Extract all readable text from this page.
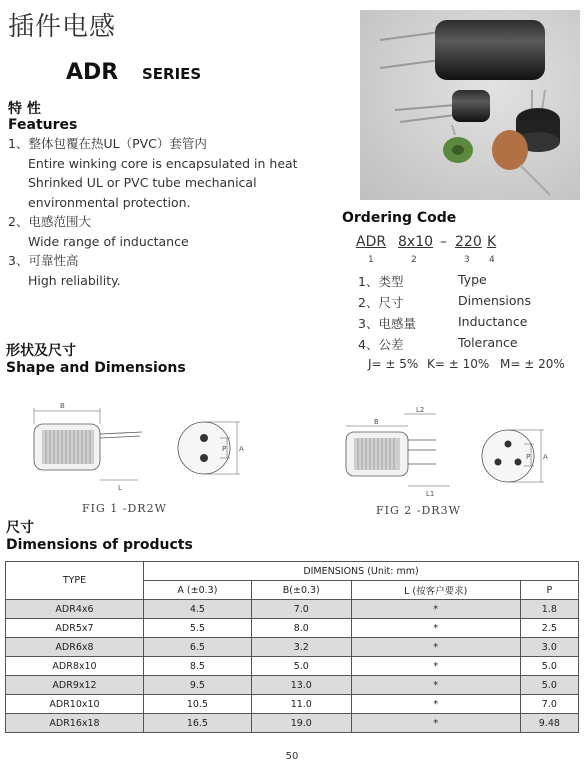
插件电感
ADR SERIES
特 性
Features
1、整体包覆在热UL（PVC）套管内
Entire winking core is encapsulated in heat
Shrinked UL or PVC tube mechanical
environmental protection.
2、电感范围大
Wide range of inductance
3、可靠性高
High reliability.
Ordering Code
ADR 8x10 – 220 K
1	2	3 4
1、类型	Type
2、尺寸	Dimensions
3、电感量	Inductance
4、公差	Tolerance
J= ± 5% K= ± 10% M= ± 20%
形状及尺寸
Shape and Dimensions
B
L
P A
FIG 1 -DR2W
L2
B
L1
P A
FIG 2 -DR3W
尺寸
Dimensions of products
TYPE	DIMENSIONS (Unit: mm)			
	A (±0.3)	B(±0.3)	L (按客户要求)	P
ADR4x6	4.5	7.0	*	1.8
ADR5x7	5.5	8.0	*	2.5
ADR6x8	6.5	3.2	*	3.0
ADR8x10	8.5	5.0	*	5.0
ADR9x12	9.5	13.0	*	5.0
ADR10x10	10.5	11.0	*	7.0
ADR16x18	16.5	19.0	*	9.48
50
